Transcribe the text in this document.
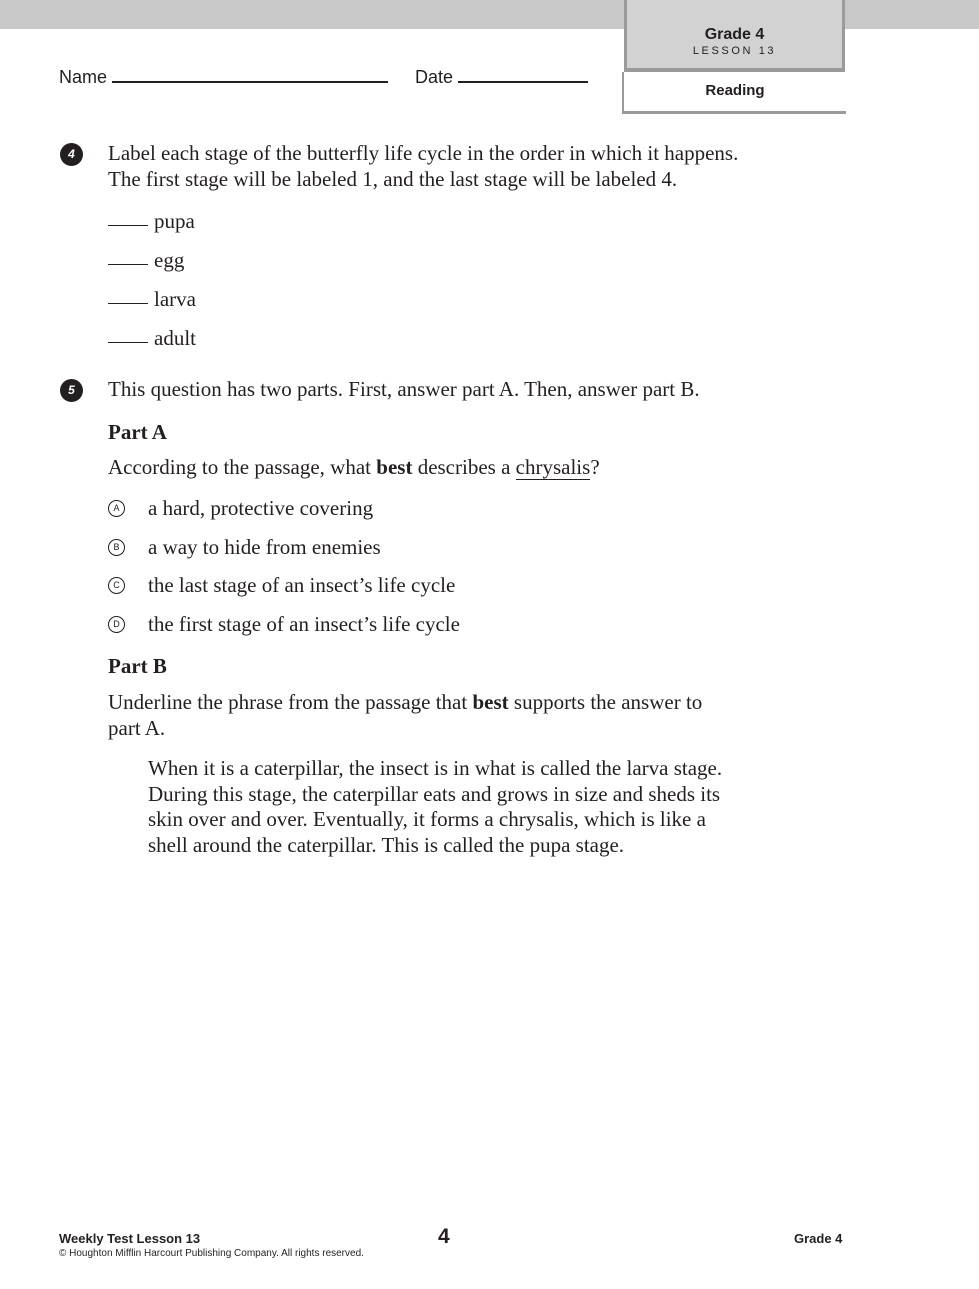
Grade 4
LESSON 13
Reading
Name	Date
4	Label each stage of the butterfly life cycle in the order in which it happens.
The first stage will be labeled 1, and the last stage will be labeled 4.
pupa
egg
larva
adult
5	This question has two parts. First, answer part A. Then, answer part B.
Part A
According to the passage, what best describes a chrysalis?
A a hard, protective covering
B a way to hide from enemies
C the last stage of an insect’s life cycle
D the first stage of an insect’s life cycle
Part B
Underline the phrase from the passage that best supports the answer to
part A.
When it is a caterpillar, the insect is in what is called the larva stage.
During this stage, the caterpillar eats and grows in size and sheds its
skin over and over. Eventually, it forms a chrysalis, which is like a
shell around the caterpillar. This is called the pupa stage.
Weekly Test Lesson 13
© Houghton Mifflin Harcourt Publishing Company. All rights reserved.
4	Grade 4
